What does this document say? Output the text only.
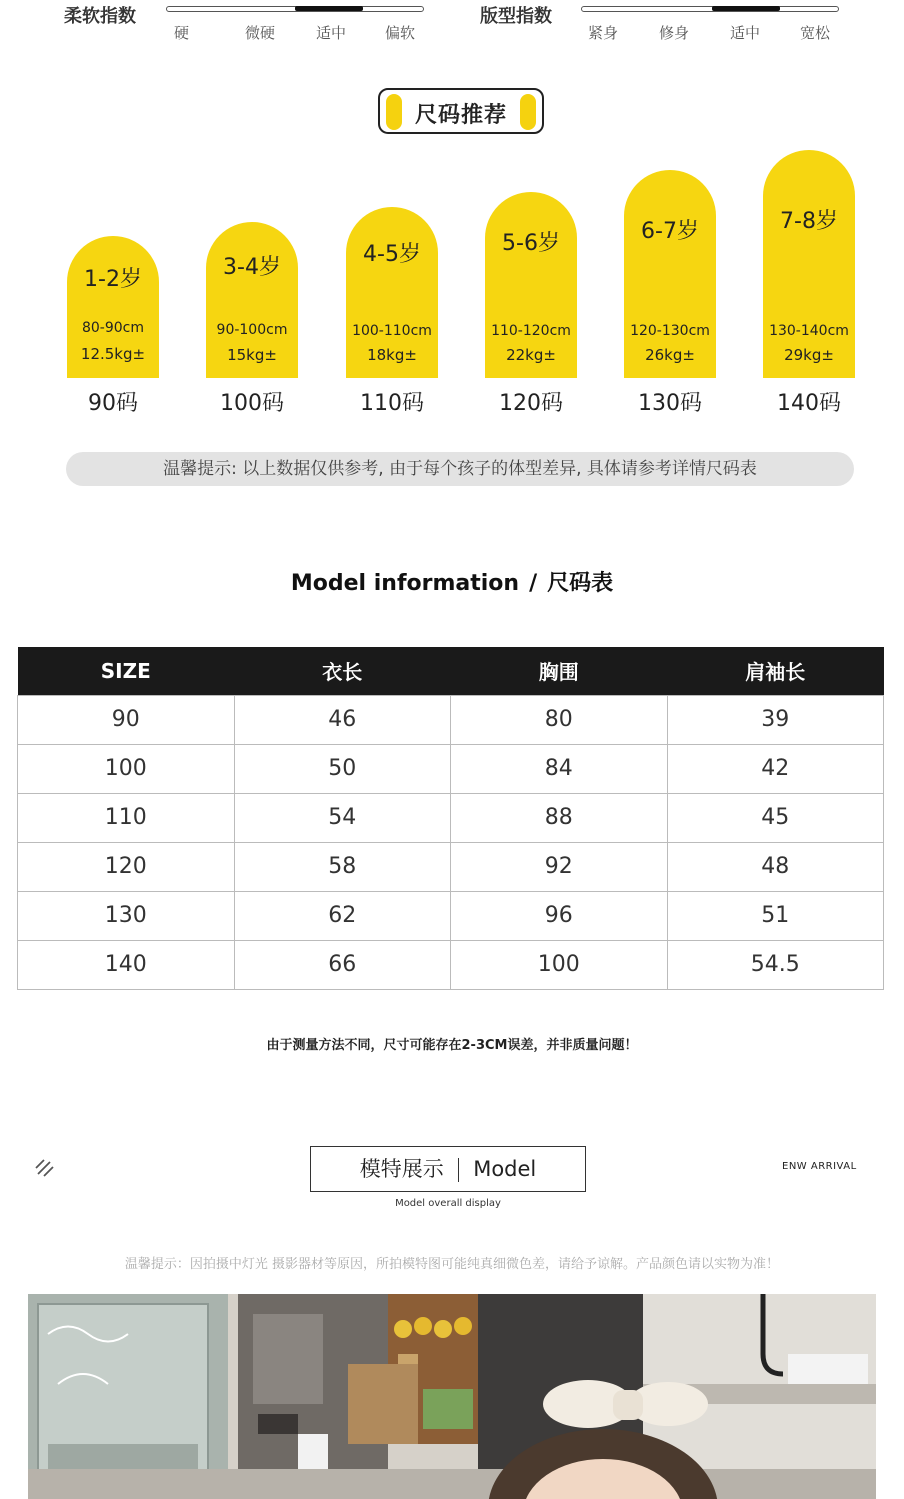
柔软指数
硬	微硬	适中	偏软
版型指数
紧身	修身	适中	宽松
尺码推荐
1-2岁
80-90cm
12.5kg±
3-4岁
90-100cm
15kg±
4-5岁
100-110cm
18kg±
5-6岁
110-120cm
22kg±
6-7岁
120-130cm
26kg±
7-8岁
130-140cm
29kg±
90码	100码	110码	120码	130码	140码
温馨提示: 以上数据仅供参考, 由于每个孩子的体型差异, 具体请参考详情尺码表
Model information / 尺码表
SIZE	衣长	胸围	肩袖长
90	46	80	39
100	50	84	42
110	54	88	45
120	58	92	48
130	62	96	51
140	66	100	54.5
由于测量方法不同，尺寸可能存在2-3CM误差，并非质量问题！
模特展示 Model
Model overall display
ENW ARRIVAL
温馨提示：因拍摄中灯光 摄影器材等原因，所拍模特图可能纯真细微色差，请给予谅解。产品颜色请以实物为准！
